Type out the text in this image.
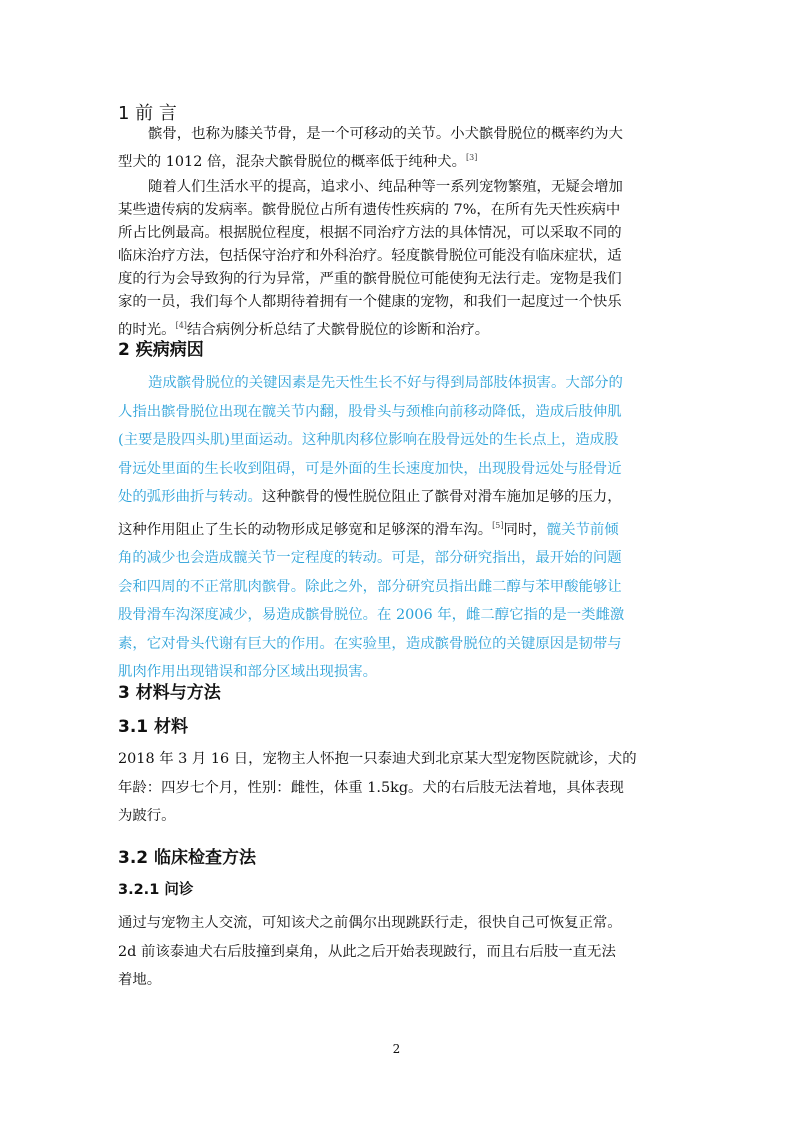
1 前 言
髌骨，也称为膝关节骨，是一个可移动的关节。小犬髌骨脱位的概率约为大
型犬的 1012 倍，混杂犬髌骨脱位的概率低于纯种犬。[3]
随着人们生活水平的提高，追求小、纯品种等一系列宠物繁殖，无疑会增加
某些遗传病的发病率。髌骨脱位占所有遗传性疾病的 7%，在所有先天性疾病中
所占比例最高。根据脱位程度，根据不同治疗方法的具体情况，可以采取不同的
临床治疗方法，包括保守治疗和外科治疗。轻度髌骨脱位可能没有临床症状，适
度的行为会导致狗的行为异常，严重的髌骨脱位可能使狗无法行走。宠物是我们
家的一员，我们每个人都期待着拥有一个健康的宠物，和我们一起度过一个快乐
的时光。[4]结合病例分析总结了犬髌骨脱位的诊断和治疗。
2 疾病病因
造成髌骨脱位的关键因素是先天性生长不好与得到局部肢体损害。大部分的
人指出髌骨脱位出现在髋关节内翻，股骨头与颈椎向前移动降低，造成后肢伸肌
(主要是股四头肌)里面运动。这种肌肉移位影响在股骨远处的生长点上，造成股
骨远处里面的生长收到阻碍，可是外面的生长速度加快，出现股骨远处与胫骨近
处的弧形曲折与转动。这种髌骨的慢性脱位阻止了髌骨对滑车施加足够的压力，
这种作用阻止了生长的动物形成足够宽和足够深的滑车沟。[5]同时，髋关节前倾
角的减少也会造成髋关节一定程度的转动。可是，部分研究指出，最开始的问题
会和四周的不正常肌肉髌骨。除此之外，部分研究员指出雌二醇与苯甲酸能够让
股骨滑车沟深度减少，易造成髌骨脱位。在 2006 年，雌二醇它指的是一类雌激
素，它对骨头代谢有巨大的作用。在实验里，造成髌骨脱位的关键原因是韧带与
肌肉作用出现错误和部分区域出现损害。
3 材料与方法
3.1 材料
2018 年 3 月 16 日，宠物主人怀抱一只泰迪犬到北京某大型宠物医院就诊，犬的
年龄：四岁七个月，性别：雌性，体重 1.5kg。犬的右后肢无法着地，具体表现
为跛行。
3.2 临床检查方法
3.2.1 问诊
通过与宠物主人交流，可知该犬之前偶尔出现跳跃行走，很快自己可恢复正常。
2d 前该泰迪犬右后肢撞到桌角，从此之后开始表现跛行，而且右后肢一直无法
着地。
2
